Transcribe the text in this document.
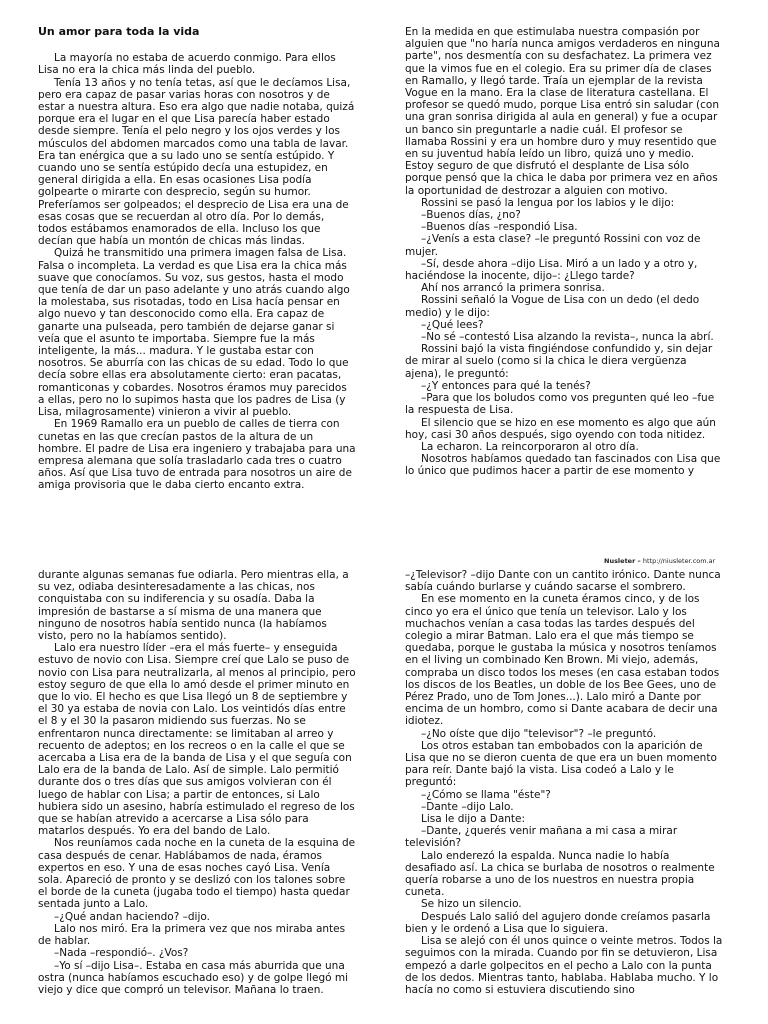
Un amor para toda la vida

La mayoría no estaba de acuerdo conmigo. Para ellos Lisa no era la chica más linda del pueblo.

Tenía 13 años y no tenía tetas, así que le decíamos Lisa, pero era capaz de pasar varias horas con nosotros y de estar a nuestra altura. Eso era algo que nadie notaba, quizá porque era el lugar en el que Lisa parecía haber estado desde siempre. Tenía el pelo negro y los ojos verdes y los músculos del abdomen marcados como una tabla de lavar. Era tan enérgica que a su lado uno se sentía estúpido. Y cuando uno se sentía estúpido decía una estupidez, en general dirigida a ella. En esas ocasiones Lisa podía golpearte o mirarte con desprecio, según su humor. Preferíamos ser golpeados; el desprecio de Lisa era una de esas cosas que se recuerdan al otro día. Por lo demás, todos estábamos enamorados de ella. Incluso los que decían que había un montón de chicas más lindas.

Quizá he transmitido una primera imagen falsa de Lisa. Falsa o incompleta. La verdad es que Lisa era la chica más suave que conocíamos. Su voz, sus gestos, hasta el modo que tenía de dar un paso adelante y uno atrás cuando algo la molestaba, sus risotadas, todo en Lisa hacía pensar en algo nuevo y tan desconocido como ella. Era capaz de ganarte una pulseada, pero también de dejarse ganar si veía que el asunto te importaba. Siempre fue la más inteligente, la más... madura. Y le gustaba estar con nosotros. Se aburría con las chicas de su edad. Todo lo que decía sobre ellas era absolutamente cierto: eran pacatas, romanticonas y cobardes. Nosotros éramos muy parecidos a ellas, pero no lo supimos hasta que los padres de Lisa (y Lisa, milagrosamente) vinieron a vivir al pueblo.

En 1969 Ramallo era un pueblo de calles de tierra con cunetas en las que crecían pastos de la altura de un hombre. El padre de Lisa era ingeniero y trabajaba para una empresa alemana que solía trasladarlo cada tres o cuatro años. Así que Lisa tuvo de entrada para nosotros un aire de amiga provisoria que le daba cierto encanto extra.

En la medida en que estimulaba nuestra compasión por alguien que "no haría nunca amigos verdaderos en ninguna parte", nos desmentía con su desfachatez. La primera vez que la vimos fue en el colegio. Era su primer día de clases en Ramallo, y llegó tarde. Traía un ejemplar de la revista Vogue en la mano. Era la clase de literatura castellana. El profesor se quedó mudo, porque Lisa entró sin saludar (con una gran sonrisa dirigida al aula en general) y fue a ocupar un banco sin preguntarle a nadie cuál. El profesor se llamaba Rossini y era un hombre duro y muy resentido que en su juventud había leído un libro, quizá uno y medio. Estoy seguro de que disfrutó el desplante de Lisa sólo porque pensó que la chica le daba por primera vez en años la oportunidad de destrozar a alguien con motivo.

Rossini se pasó la lengua por los labios y le dijo:

–Buenos días, ¿no?

–Buenos días –respondió Lisa.

–¿Venís a esta clase? –le preguntó Rossini con voz de mujer.

–Sí, desde ahora –dijo Lisa. Miró a un lado y a otro y, haciéndose la inocente, dijo–: ¿Llego tarde?

Ahí nos arrancó la primera sonrisa.

Rossini señaló la Vogue de Lisa con un dedo (el dedo medio) y le dijo:

–¿Qué lees?

–No sé –contestó Lisa alzando la revista–, nunca la abrí.

Rossini bajó la vista fingiéndose confundido y, sin dejar de mirar al suelo (como si la chica le diera vergüenza ajena), le preguntó:

–¿Y entonces para qué la tenés?

–Para que los boludos como vos pregunten qué leo –fue la respuesta de Lisa.

El silencio que se hizo en ese momento es algo que aún hoy, casi 30 años después, sigo oyendo con toda nitidez.

La echaron. La reincorporaron al otro día.

Nosotros habíamos quedado tan fascinados con Lisa que lo único que pudimos hacer a partir de ese momento y

Nusleter – http://niusleter.com.ar

durante algunas semanas fue odiarla. Pero mientras ella, a su vez, odiaba desinteresadamente a las chicas, nos conquistaba con su indiferencia y su osadía. Daba la impresión de bastarse a sí misma de una manera que ninguno de nosotros había sentido nunca (la habíamos visto, pero no la habíamos sentido).

Lalo era nuestro líder –era el más fuerte– y enseguida estuvo de novio con Lisa. Siempre creí que Lalo se puso de novio con Lisa para neutralizarla, al menos al principio, pero estoy seguro de que ella lo amó desde el primer minuto en que lo vio. El hecho es que Lisa llegó un 8 de septiembre y el 30 ya estaba de novia con Lalo. Los veintidós días entre el 8 y el 30 la pasaron midiendo sus fuerzas. No se enfrentaron nunca directamente: se limitaban al arreo y recuento de adeptos; en los recreos o en la calle el que se acercaba a Lisa era de la banda de Lisa y el que seguía con Lalo era de la banda de Lalo. Así de simple. Lalo permitió durante dos o tres días que sus amigos volvieran con él luego de hablar con Lisa; a partir de entonces, si Lalo hubiera sido un asesino, habría estimulado el regreso de los que se habían atrevido a acercarse a Lisa sólo para matarlos después. Yo era del bando de Lalo.

Nos reuníamos cada noche en la cuneta de la esquina de casa después de cenar. Hablábamos de nada, éramos expertos en eso. Y una de esas noches cayó Lisa. Venía sola. Apareció de pronto y se deslizó con los talones sobre el borde de la cuneta (jugaba todo el tiempo) hasta quedar sentada junto a Lalo.

–¿Qué andan haciendo? –dijo.

Lalo nos miró. Era la primera vez que nos miraba antes de hablar.

–Nada –respondió–. ¿Vos?

–Yo sí –dijo Lisa–. Estaba en casa más aburrida que una ostra (nunca habíamos escuchado eso) y de golpe llegó mi viejo y dice que compró un televisor. Mañana lo traen.

–¿Televisor? –dijo Dante con un cantito irónico. Dante nunca sabía cuándo burlarse y cuándo sacarse el sombrero.

En ese momento en la cuneta éramos cinco, y de los cinco yo era el único que tenía un televisor. Lalo y los muchachos venían a casa todas las tardes después del colegio a mirar Batman. Lalo era el que más tiempo se quedaba, porque le gustaba la música y nosotros teníamos en el living un combinado Ken Brown. Mi viejo, además, compraba un disco todos los meses (en casa estaban todos los discos de los Beatles, un doble de los Bee Gees, uno de Pérez Prado, uno de Tom Jones...). Lalo miró a Dante por encima de un hombro, como si Dante acabara de decir una idiotez.

–¿No oíste que dijo "televisor"? –le preguntó.

Los otros estaban tan embobados con la aparición de Lisa que no se dieron cuenta de que era un buen momento para reír. Dante bajó la vista. Lisa codeó a Lalo y le preguntó:

–¿Cómo se llama "éste"?

–Dante –dijo Lalo.

Lisa le dijo a Dante:

–Dante, ¿querés venir mañana a mi casa a mirar televisión?

Lalo enderezó la espalda. Nunca nadie lo había desafiado así. La chica se burlaba de nosotros o realmente quería robarse a uno de los nuestros en nuestra propia cuneta.

Se hizo un silencio.

Después Lalo salió del agujero donde creíamos pasarla bien y le ordenó a Lisa que lo siguiera.

Lisa se alejó con él unos quince o veinte metros. Todos la seguimos con la mirada. Cuando por fin se detuvieron, Lisa empezó a darle golpecitos en el pecho a Lalo con la punta de los dedos. Mientras tanto, hablaba. Hablaba mucho. Y lo hacía no como si estuviera discutiendo sino
